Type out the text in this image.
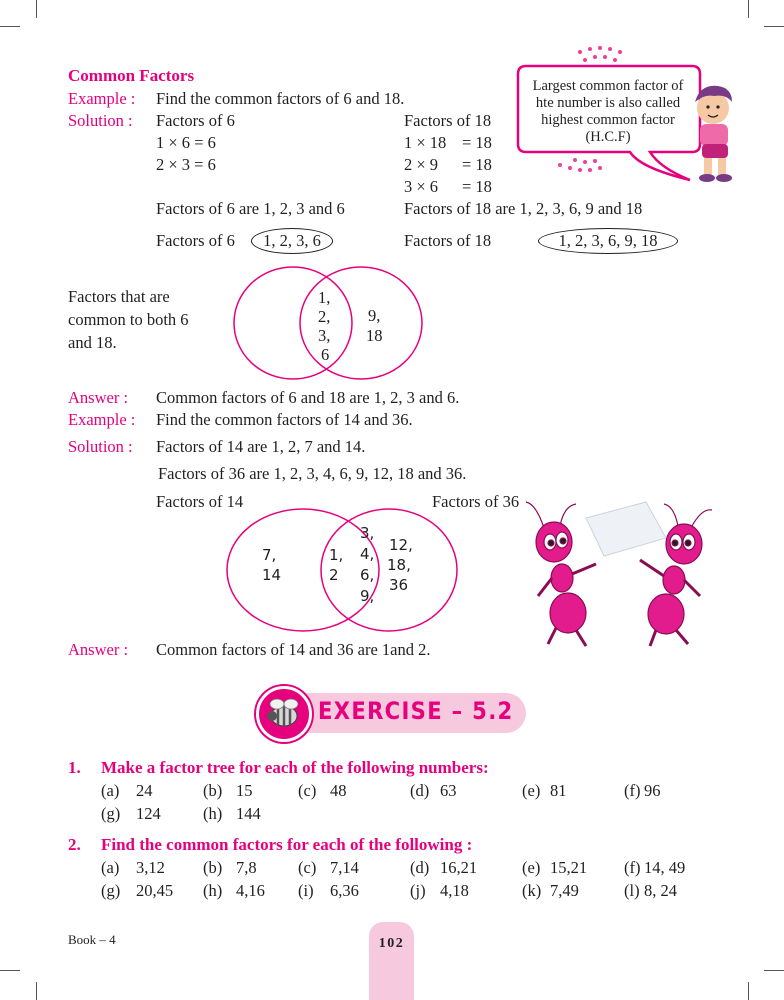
Common Factors
Example : Find the common factors of 6 and 18.
Solution : Factors of 6
1 × 6 = 6
2 × 3 = 6
Factors of 18
1 × 18 = 18
2 × 9 = 18
3 × 6 = 18
Factors of 6 are 1, 2, 3 and 6	Factors of 18 are 1, 2, 3, 6, 9 and 18
Factors of 6	1, 2, 3, 6	Factors of 18	1, 2, 3, 6, 9, 18
Factors that are
common to both 6
and 18.
1,
2,
3,
6
9,
18
Answer : Common factors of 6 and 18 are 1, 2, 3 and 6.
Example : Find the common factors of 14 and 36.
Solution : Factors of 14 are 1, 2, 7 and 14.
Factors of 36 are 1, 2, 3, 4, 6, 9, 12, 18 and 36.
Factors of 14	Factors of 36
7,
14
1,
2
3,
4,
6,
9,
12,
18,
36
Answer : Common factors of 14 and 36 are 1and 2.
Largest common factor of
hte number is also called
highest common factor
(H.C.F)
EXERCISE – 5.2
1. Make a factor tree for each of the following numbers:
(a) 24	(b) 15	(c) 48	(d) 63	(e) 81	(f) 96
(g) 124	(h) 144
2. Find the common factors for each of the following :
(a) 3,12 (b) 7,8	(c) 7,14	(d) 16,21	(e) 15,21 (f) 14, 49
(g) 20,45 (h) 4,16 (i) 6,36	(j) 4,18	(k) 7,49	(l) 8, 24
Book – 4	102
